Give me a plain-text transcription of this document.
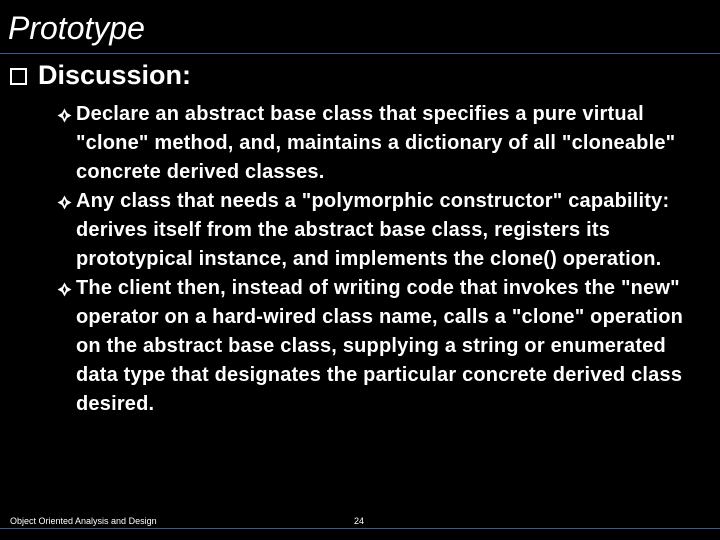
Prototype
Discussion:
Declare an abstract base class that specifies a pure virtual "clone" method, and, maintains a dictionary of all "cloneable" concrete derived classes.
Any class that needs a "polymorphic constructor" capability: derives itself from the abstract base class, registers its prototypical instance, and implements the clone() operation.
The client then, instead of writing code that invokes the "new" operator on a hard-wired class name, calls a "clone" operation on the abstract base class, supplying a string or enumerated data type that designates the particular concrete derived class desired.
Object Oriented Analysis and Design	24
